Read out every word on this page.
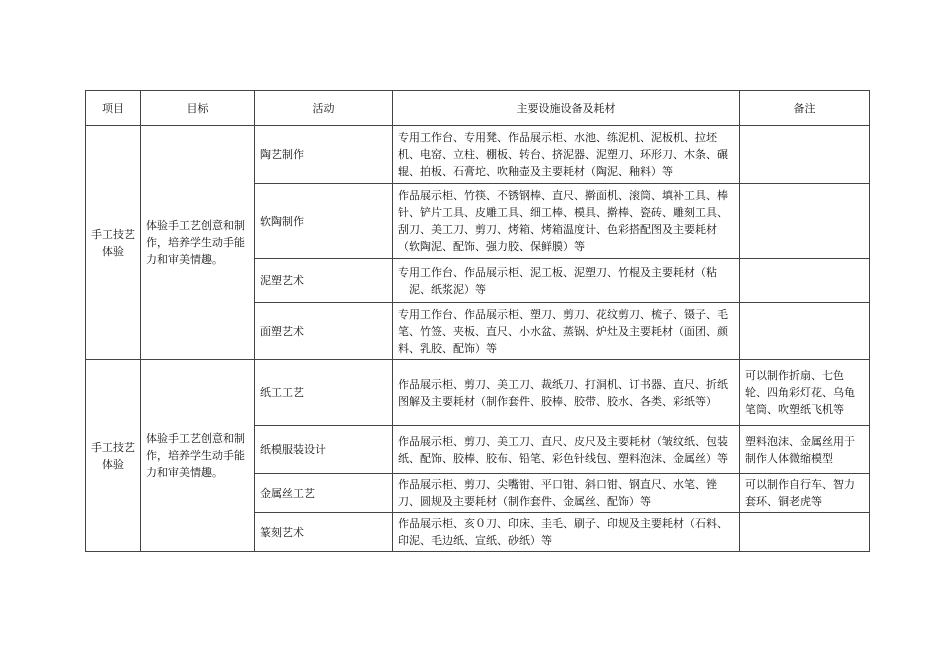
项目	目标	活动	主要设施设备及耗材	备注
手工技艺体验	体验手工艺创意和制作，培养学生动手能力和审美情趣。	陶艺制作	专用工作台、专用凳、作品展示柜、水池、练泥机、泥板机、拉坯机、电窑、立柱、棚板、转台、挤泥器、泥塑刀、环形刀、木条、碾辊、拍板、石膏坨、吹釉壶及主要耗材（陶泥、釉料）等	
		软陶制作	作品展示柜、竹筷、不锈钢棒、直尺、擀面机、滚筒、填补工具、棒针、铲片工具、皮雕工具、细工棒、模具、擀棒、瓷砖、雕刻工具、刮刀、美工刀、剪刀、烤箱、烤箱温度计、色彩搭配图及主要耗材（软陶泥、配饰、强力胶、保鲜膜）等	
		泥塑艺术	专用工作台、作品展示柜、泥工板、泥塑刀、竹棍及主要耗材（粘泥、纸浆泥）等	

		面塑艺术	专用工作台、作品展示柜、塑刀、剪刀、花纹剪刀、梳子、镊子、毛笔、竹签、夹板、直尺、小水盆、蒸锅、炉灶及主要耗材（面团、颜料、乳胶、配饰）等	
手工技艺体验	体验手工艺创意和制作，培养学生动手能力和审美情趣。	纸工工艺	作品展示柜、剪刀、美工刀、裁纸刀、打洞机、订书器、直尺、折纸图解及主要耗材（制作套件、胶棒、胶带、胶水、各类、彩纸等）	可以制作折扇、七色轮、四角彩灯花、乌龟笔筒、吹塑纸飞机等
		纸模服装设计	作品展示柜、剪刀、美工刀、直尺、皮尺及主要耗材（皱纹纸、包装纸、配饰、胶棒、胶布、铅笔、彩色针线包、塑料泡沫、金属丝）等	塑料泡沫、金属丝用于制作人体微缩模型
		金属丝工艺	作品展示柜、剪刀、尖嘴钳、平口钳、斜口钳、钢直尺、水笔、锉刀、圆规及主要耗材（制作套件、金属丝、配饰）等	可以制作自行车、智力套环、铜老虎等
		篆刻艺术	作品展示柜、亥０刀、印床、圭毛、刷子、印规及主要耗材（石料、印泥、毛边纸、宣纸、砂纸）等	
